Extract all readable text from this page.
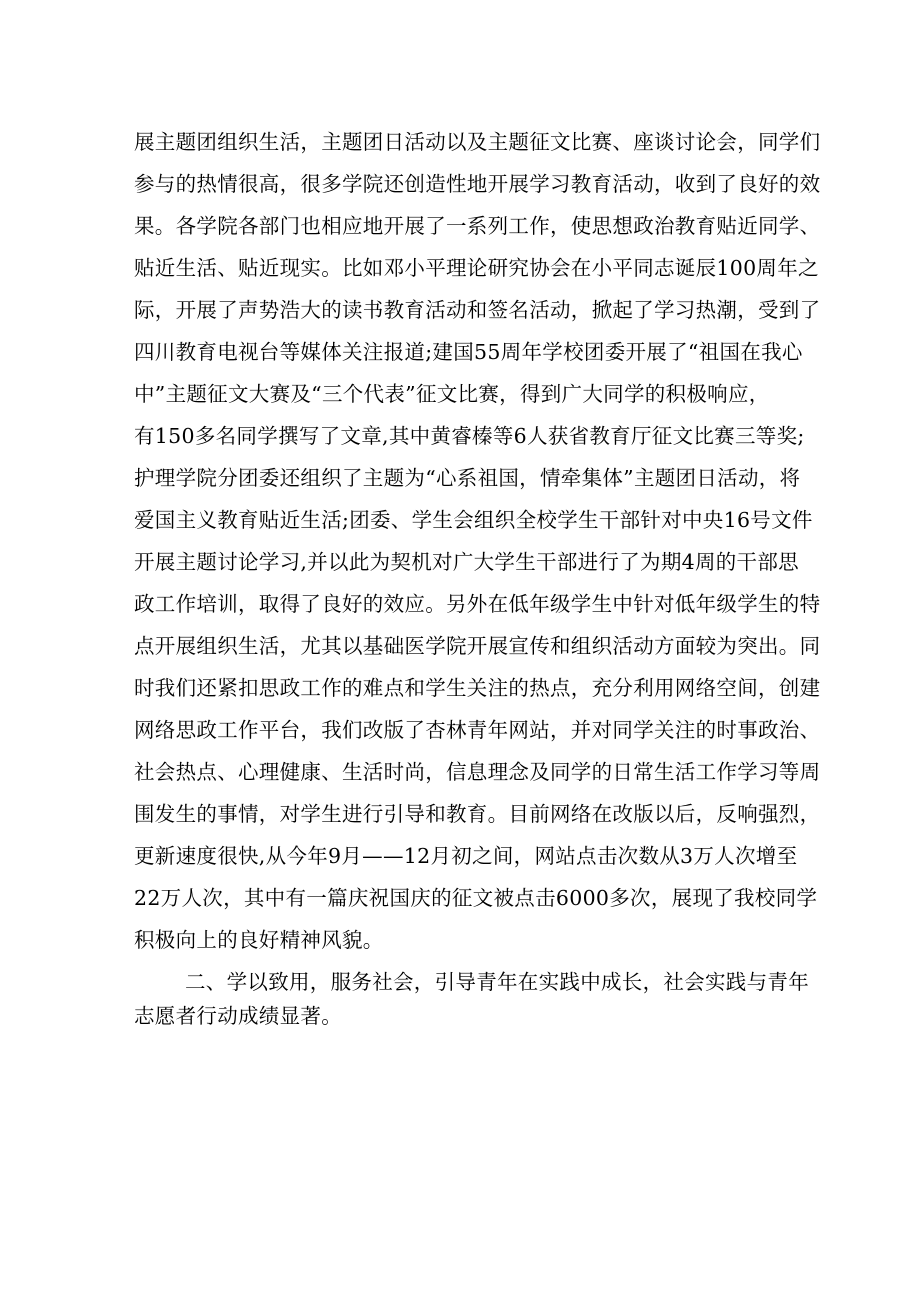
展主题团组织生活，主题团日活动以及主题征文比赛、座谈讨论会，同学们
参与的热情很高，很多学院还创造性地开展学习教育活动，收到了良好的效
果。各学院各部门也相应地开展了一系列工作，使思想政治教育贴近同学、
贴近生活、贴近现实。比如邓小平理论研究协会在小平同志诞辰100周年之
际，开展了声势浩大的读书教育活动和签名活动，掀起了学习热潮，受到了
四川教育电视台等媒体关注报道;建国55周年学校团委开展了“祖国在我心
中”主题征文大赛及“三个代表”征文比赛，得到广大同学的积极响应，
有150多名同学撰写了文章,其中黄睿榛等6人获省教育厅征文比赛三等奖;
护理学院分团委还组织了主题为“心系祖国，情牵集体”主题团日活动，将
爱国主义教育贴近生活;团委、学生会组织全校学生干部针对中央16号文件
开展主题讨论学习,并以此为契机对广大学生干部进行了为期4周的干部思
政工作培训，取得了良好的效应。另外在低年级学生中针对低年级学生的特
点开展组织生活，尤其以基础医学院开展宣传和组织活动方面较为突出。同
时我们还紧扣思政工作的难点和学生关注的热点，充分利用网络空间，创建
网络思政工作平台，我们改版了杏林青年网站，并对同学关注的时事政治、
社会热点、心理健康、生活时尚，信息理念及同学的日常生活工作学习等周
围发生的事情，对学生进行引导和教育。目前网络在改版以后，反响强烈，
更新速度很快,从今年9月——12月初之间，网站点击次数从3万人次增至
22万人次，其中有一篇庆祝国庆的征文被点击6000多次，展现了我校同学
积极向上的良好精神风貌。
二、学以致用，服务社会，引导青年在实践中成长，社会实践与青年
志愿者行动成绩显著。
